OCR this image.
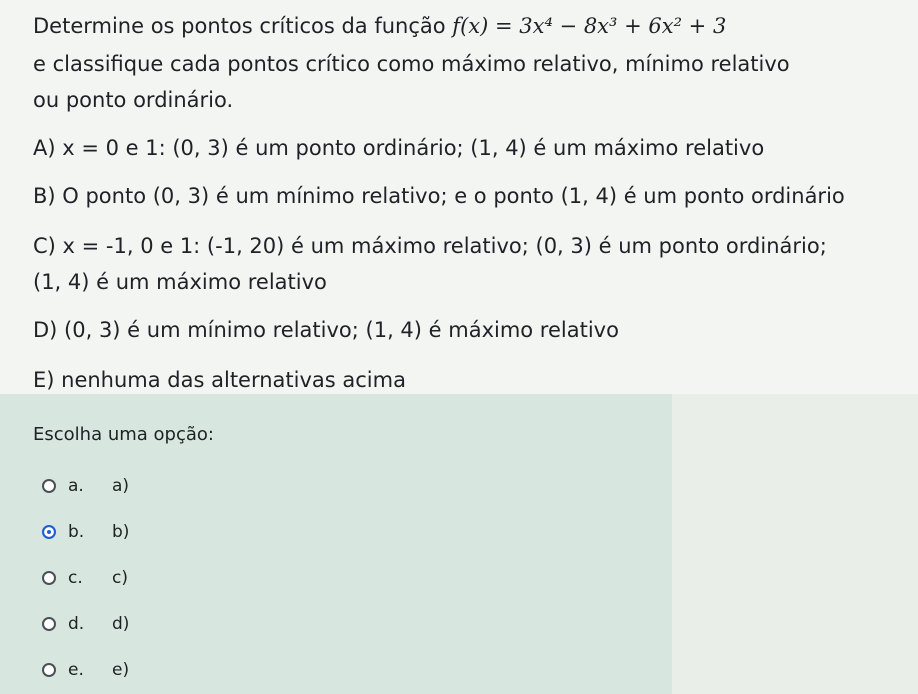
Determine os pontos críticos da função f(x) = 3x⁴ − 8x³ + 6x² + 3
e classifique cada pontos crítico como máximo relativo, mínimo relativo
ou ponto ordinário.
A) x = 0 e 1: (0, 3) é um ponto ordinário; (1, 4) é um máximo relativo
B) O ponto (0, 3) é um mínimo relativo; e o ponto (1, 4) é um ponto ordinário
C) x = -1, 0 e 1: (-1, 20) é um máximo relativo; (0, 3) é um ponto ordinário;
(1, 4) é um máximo relativo
D) (0, 3) é um mínimo relativo; (1, 4) é máximo relativo
E) nenhuma das alternativas acima
Escolha uma opção:
a.	a)
b.	b)
c.	c)
d.	d)
e.	e)
